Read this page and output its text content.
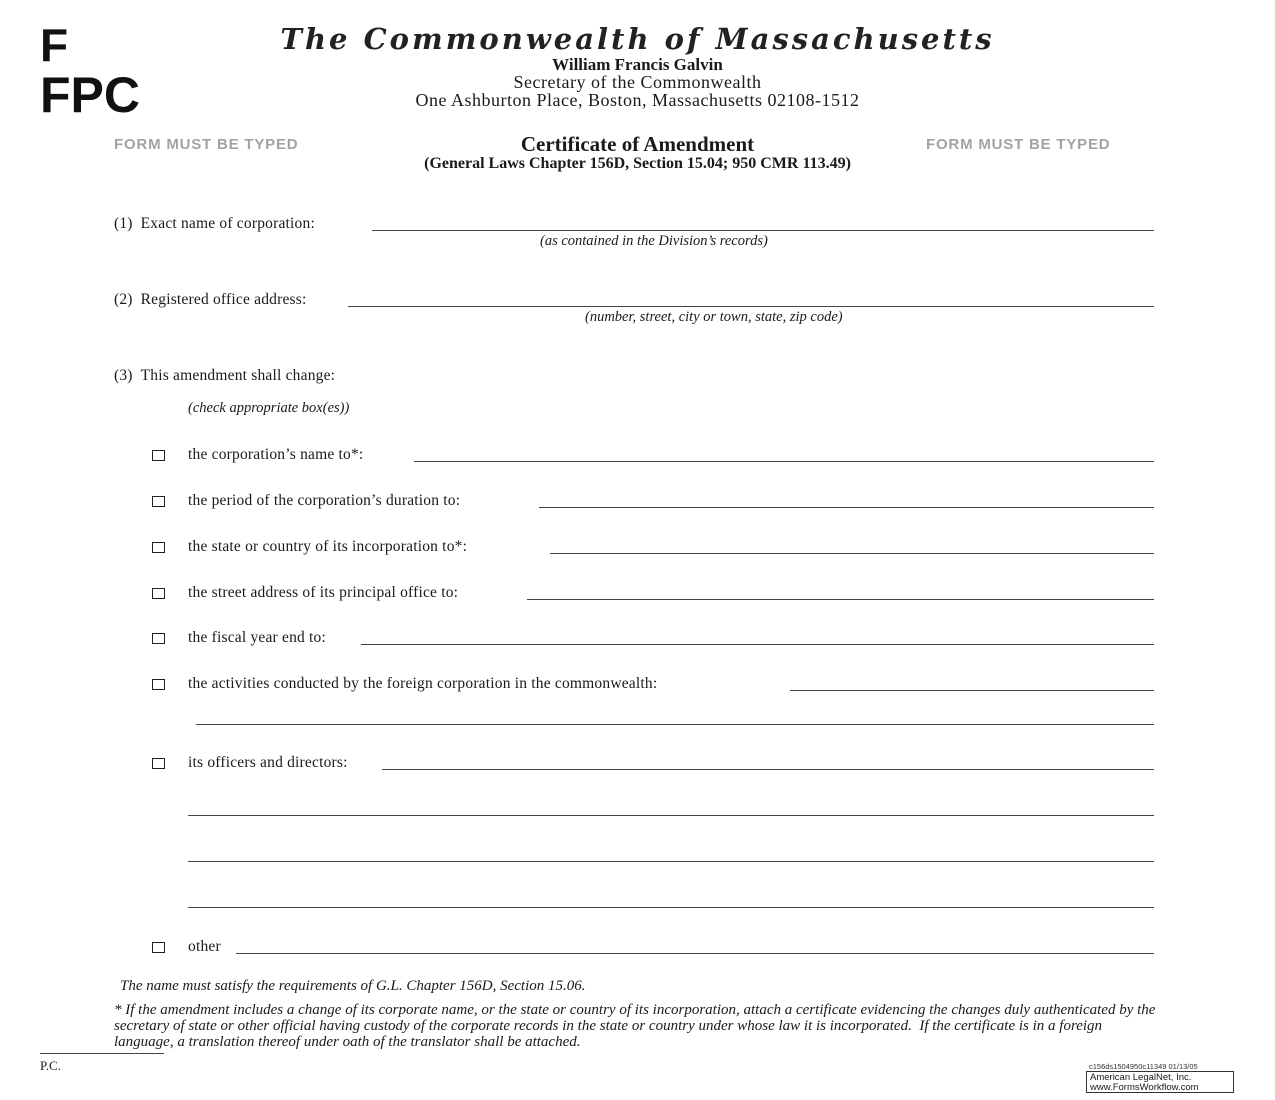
F
FPC
The Commonwealth of Massachusetts
William Francis Galvin
Secretary of the Commonwealth
One Ashburton Place, Boston, Massachusetts 02108-1512
FORM MUST BE TYPED	FORM MUST BE TYPED
Certificate of Amendment
(General Laws Chapter 156D, Section 15.04; 950 CMR 113.49)
(1) Exact name of corporation:
(as contained in the Division’s records)
(2) Registered office address:
(number, street, city or town, state, zip code)
(3) This amendment shall change:
(check appropriate box(es))
the corporation’s name to*:
the period of the corporation’s duration to:
the state or country of its incorporation to*:
the street address of its principal office to:
the fiscal year end to:
the activities conducted by the foreign corporation in the commonwealth:
its officers and directors:
other
The name must satisfy the requirements of G.L. Chapter 156D, Section 15.06.
* If the amendment includes a change of its corporate name, or the state or country of its incorporation, attach a certificate evidencing the changes duly authenticated by the secretary of state or other official having custody of the corporate records in the state or country under whose law it is incorporated. If the certificate is in a foreign language, a translation thereof under oath of the translator shall be attached.
P.C.	c156ds1504950c11349 01/13/05
American LegalNet, Inc.
www.FormsWorkflow.com
